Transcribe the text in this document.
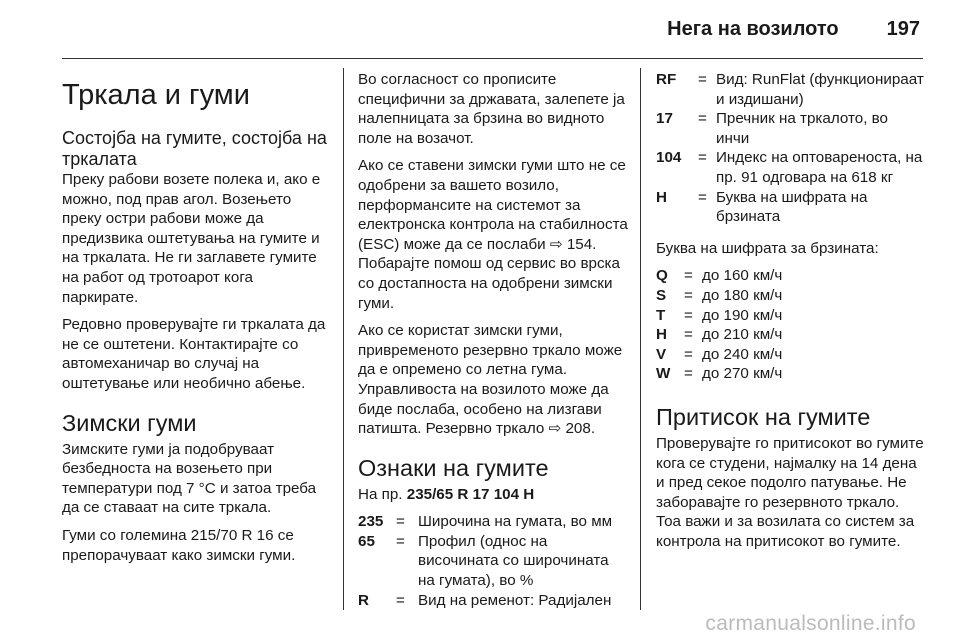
Нега на возилото 197
Тркала и гуми
Состојба на гумите, состојба на тркалата

Преку рабови возете полека и, ако е можно, под прав агол. Возењето преку остри рабови може да предизвика оштетувања на гумите и на тркалата. Не ги заглавете гумите на работ од тротоарот кога паркирате.

Редовно проверувајте ги тркалата да не се оштетени. Контактирајте со автомеханичар во случај на оштетување или необично абење.

Зимски гуми

Зимските гуми ја подобруваат безбедноста на возењето при температури под 7 °C и затоа треба да се ставаат на сите тркала.

Гуми со големина 215/70 R 16 се препорачуваат како зимски гуми.

Во согласност со прописите специфични за државата, залепете ја налепницата за брзина во видното поле на возачот.

Ако се ставени зимски гуми што не се одобрени за вашето возило, перформансите на системот за електронска контрола на стабилноста (ESC) може да се послаби ⇨ 154. Побарајте помош од сервис во врска со достапноста на одобрени зимски гуми.

Ако се користат зимски гуми, привременото резервно тркало може да е опремено со летна гума. Управливоста на возилото може да биде послаба, особено на лизгави патишта. Резервно тркало ⇨ 208.

Ознаки на гумите

На пр. 235/65 R 17 104 H

235 = Широчина на гумата, во мм
65	= Профил (однос на височината со широчината на гумата), во %
R	= Вид на ременот: Радијален
RF	= Вид: RunFlat (функционираат и издишани)
17	= Пречник на тркалото, во инчи
104	= Индекс на оптовареноста, на пр. 91 одговара на 618 кг
H	= Буква на шифрата на брзината

Буква на шифрата за брзината:

Q	= до 160 км/ч
S	= до 180 км/ч
T	= до 190 км/ч
H	= до 210 км/ч
V	= до 240 км/ч
W = до 270 км/ч
Притисок на гумите

Проверувајте го притисокот во гумите кога се студени, најмалку на 14 дена и пред секое подолго патување. Не заборавајте го резервното тркало. Тоа важи и за возилата со систем за контрола на притисокот во гумите.

carmanualsonline.info
